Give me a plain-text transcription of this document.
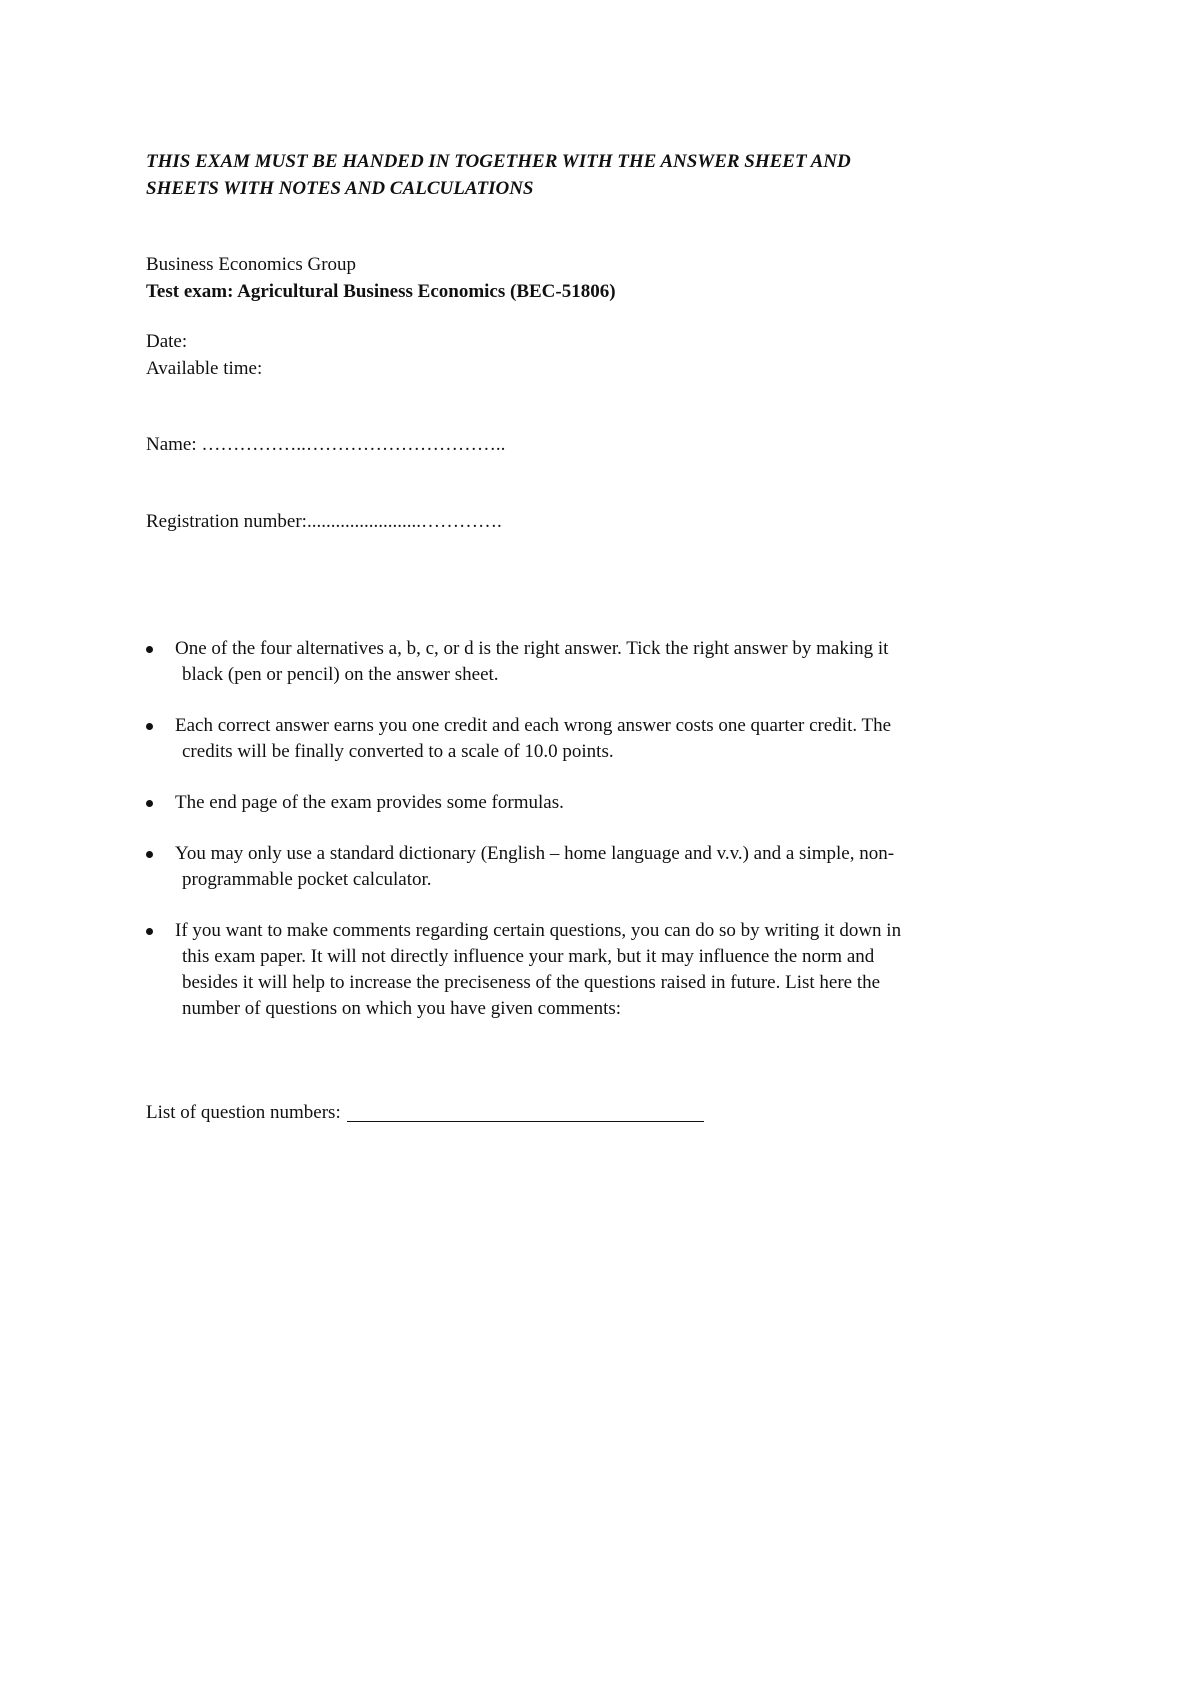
THIS EXAM MUST BE HANDED IN TOGETHER WITH THE ANSWER SHEET AND
SHEETS WITH NOTES AND CALCULATIONS
Business Economics Group
Test exam: Agricultural Business Economics (BEC-51806)
Date:
Available time:
Name: ……………..…………………………..
Registration number:........................………….
One of the four alternatives a, b, c, or d is the right answer. Tick the right answer by making it
black (pen or pencil) on the answer sheet.
Each correct answer earns you one credit and each wrong answer costs one quarter credit. The
credits will be finally converted to a scale of 10.0 points.
The end page of the exam provides some formulas.
You may only use a standard dictionary (English – home language and v.v.) and a simple, non-
programmable pocket calculator.
If you want to make comments regarding certain questions, you can do so by writing it down in
this exam paper. It will not directly influence your mark, but it may influence the norm and
besides it will help to increase the preciseness of the questions raised in future. List here the
number of questions on which you have given comments:
List of question numbers:
